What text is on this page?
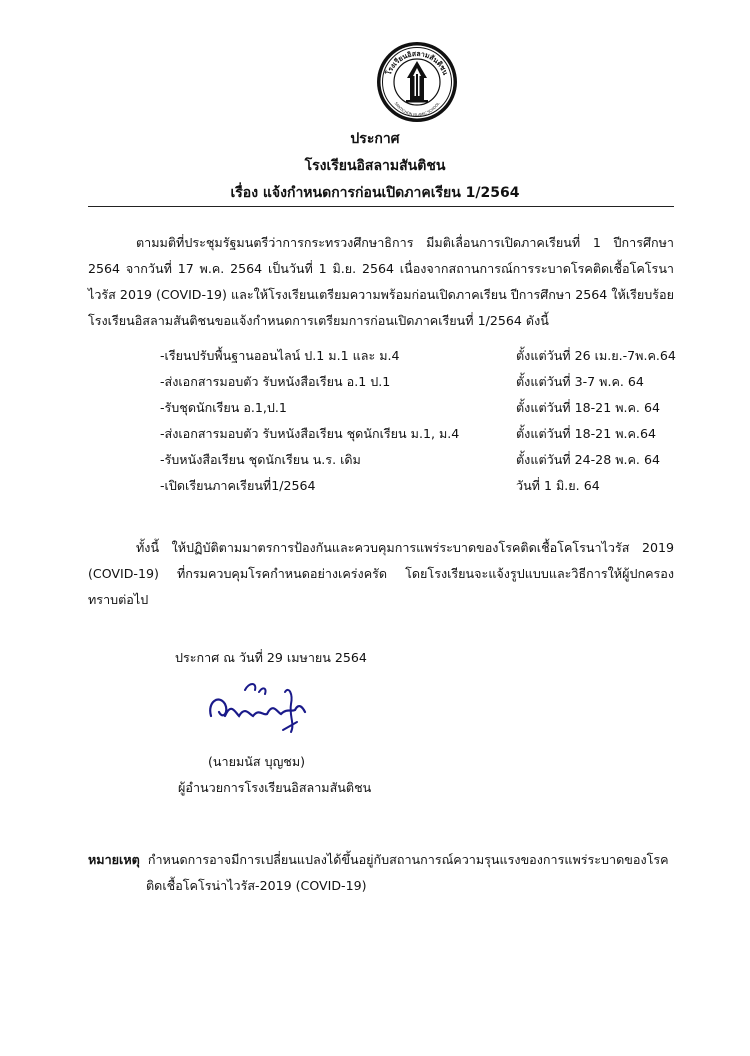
โรงเรียนอิสลามสันติชน
SANTICHON ISLAMIC SCHOOL
ประกาศ
โรงเรียนอิสลามสันติชน
เรื่อง แจ้งกำหนดการก่อนเปิดภาคเรียน 1/2564
ตามมติที่ประชุมรัฐมนตรีว่าการกระทรวงศึกษาธิการ มีมติเลื่อนการเปิดภาคเรียนที่ 1 ปีการศึกษา 2564 จากวันที่ 17 พ.ค. 2564 เป็นวันที่ 1 มิ.ย. 2564 เนื่องจากสถานการณ์การระบาดโรคติดเชื้อโคโรนาไวรัส 2019 (COVID-19) และให้โรงเรียนเตรียมความพร้อมก่อนเปิดภาคเรียน ปีการศึกษา 2564 ให้เรียบร้อย โรงเรียนอิสลามสันติชนขอแจ้งกำหนดการเตรียมการก่อนเปิดภาคเรียนที่ 1/2564 ดังนี้
-เรียนปรับพื้นฐานออนไลน์ ป.1 ม.1 และ ม.4	ตั้งแต่วันที่ 26 เม.ย.-7พ.ค.64
-ส่งเอกสารมอบตัว รับหนังสือเรียน อ.1 ป.1	ตั้งแต่วันที่ 3-7 พ.ค. 64
-รับชุดนักเรียน อ.1,ป.1	ตั้งแต่วันที่ 18-21 พ.ค. 64
-ส่งเอกสารมอบตัว รับหนังสือเรียน ชุดนักเรียน ม.1, ม.4	ตั้งแต่วันที่ 18-21 พ.ค.64
-รับหนังสือเรียน ชุดนักเรียน น.ร. เดิม	ตั้งแต่วันที่ 24-28 พ.ค. 64
-เปิดเรียนภาคเรียนที่1/2564	วันที่ 1 มิ.ย. 64
ทั้งนี้ ให้ปฏิบัติตามมาตรการป้องกันและควบคุมการแพร่ระบาดของโรคติดเชื้อโคโรนาไวรัส 2019 (COVID-19) ที่กรมควบคุมโรคกำหนดอย่างเคร่งครัด โดยโรงเรียนจะแจ้งรูปแบบและวิธีการให้ผู้ปกครองทราบต่อไป
ประกาศ ณ วันที่ 29 เมษายน 2564
(นายมนัส บุญชม)
ผู้อำนวยการโรงเรียนอิสลามสันติชน
หมายเหตุ กำหนดการอาจมีการเปลี่ยนแปลงได้ขึ้นอยู่กับสถานการณ์ความรุนแรงของการแพร่ระบาดของโรค
ติดเชื้อโคโรน่าไวรัส-2019 (COVID-19)
